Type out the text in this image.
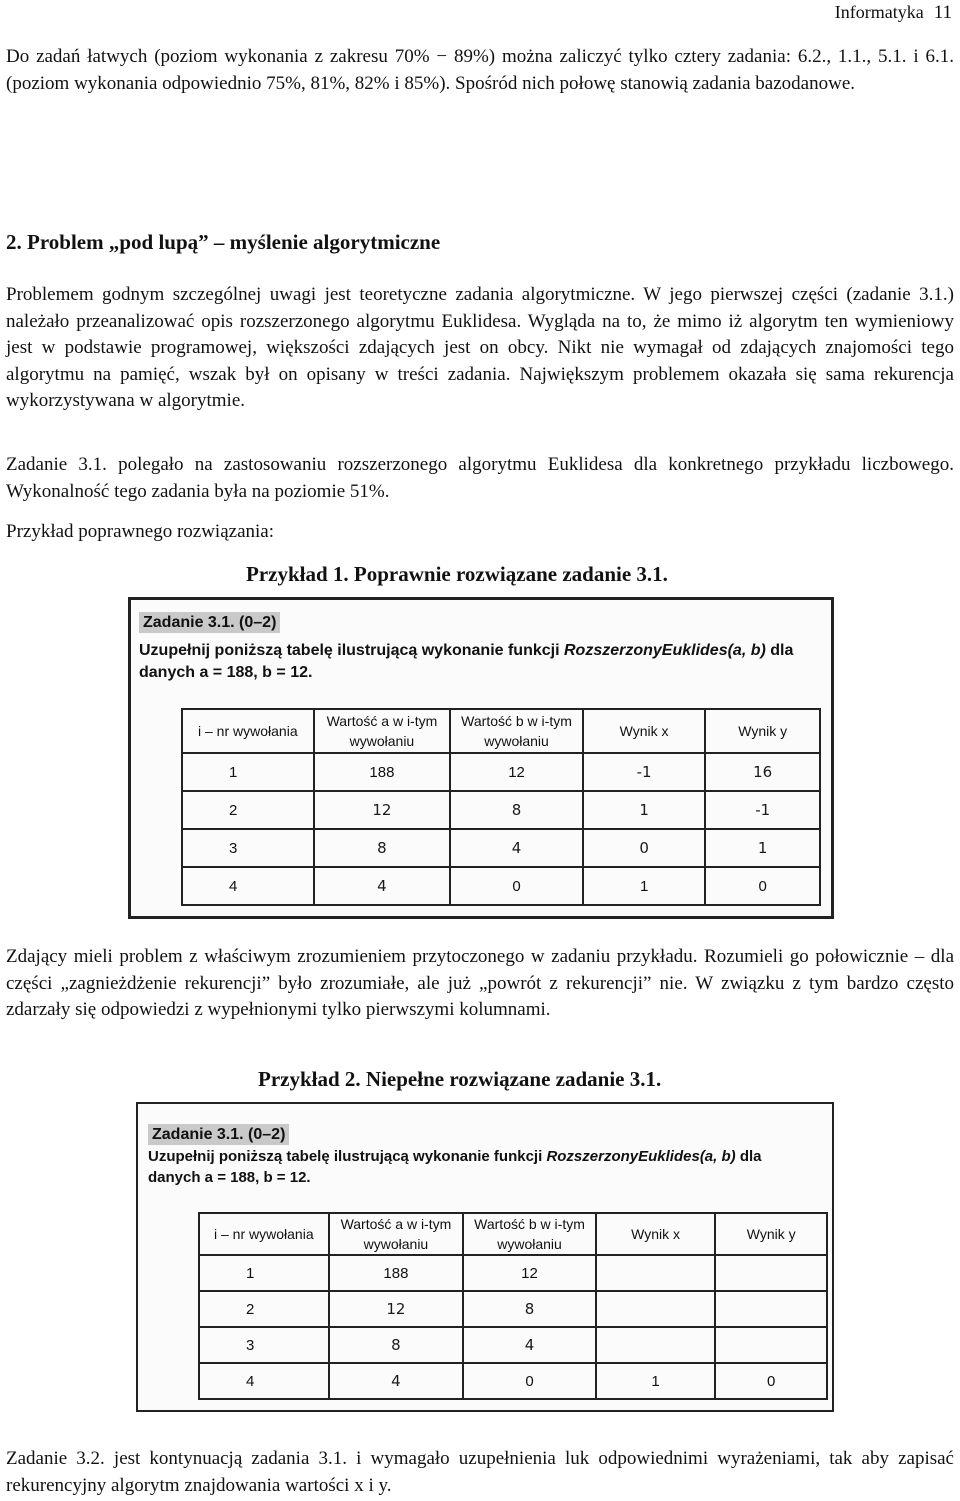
Informatyka 11

Do zadań łatwych (poziom wykonania z zakresu 70% − 89%) można zaliczyć tylko cztery zadania: 6.2., 1.1., 5.1. i 6.1. (poziom wykonania odpowiednio 75%, 81%, 82% i 85%). Spośród nich połowę stanowią zadania bazodanowe.

2. Problem „pod lupą” – myślenie algorytmiczne

Problemem godnym szczególnej uwagi jest teoretyczne zadania algorytmiczne. W jego pierwszej części (zadanie 3.1.) należało przeanalizować opis rozszerzonego algorytmu Euklidesa. Wygląda na to, że mimo iż algorytm ten wymieniowy jest w podstawie programowej, większości zdających jest on obcy. Nikt nie wymagał od zdających znajomości tego algorytmu na pamięć, wszak był on opisany w treści zadania. Największym problemem okazała się sama rekurencja wykorzystywana w algorytmie.

Zadanie 3.1. polegało na zastosowaniu rozszerzonego algorytmu Euklidesa dla konkretnego przykładu liczbowego. Wykonalność tego zadania była na poziomie 51%.

Przykład poprawnego rozwiązania:

Przykład 1. Poprawnie rozwiązane zadanie 3.1.

Zadanie 3.1. (0–2)
Uzupełnij poniższą tabelę ilustrującą wykonanie funkcji RozszerzonyEuklides(a, b) dla
danych a = 188, b = 12.
i – nr wywołania	Wartość a w i-tym wywołaniu	Wartość b w i-tym wywołaniu	Wynik x	Wynik y
1	188	12	-1	16
2	12	8	1	-1
3	8	4	0	1
4	4	0	1	0

Zdający mieli problem z właściwym zrozumieniem przytoczonego w zadaniu przykładu. Rozumieli go połowicznie – dla części „zagnieżdżenie rekurencji” było zrozumiałe, ale już „powrót z rekurencji” nie. W związku z tym bardzo często zdarzały się odpowiedzi z wypełnionymi tylko pierwszymi kolumnami.

Przykład 2. Niepełne rozwiązane zadanie 3.1.

Zadanie 3.1. (0–2)
Uzupełnij poniższą tabelę ilustrującą wykonanie funkcji RozszerzonyEuklides(a, b) dla
danych a = 188, b = 12.
i – nr wywołania	Wartość a w i-tym wywołaniu	Wartość b w i-tym wywołaniu	Wynik x	Wynik y
1	188	12		
2	12	8		
3	8	4		
4	4	0	1	0

Zadanie 3.2. jest kontynuacją zadania 3.1. i wymagało uzupełnienia luk odpowiednimi wyrażeniami, tak aby zapisać rekurencyjny algorytm znajdowania wartości x i y.
